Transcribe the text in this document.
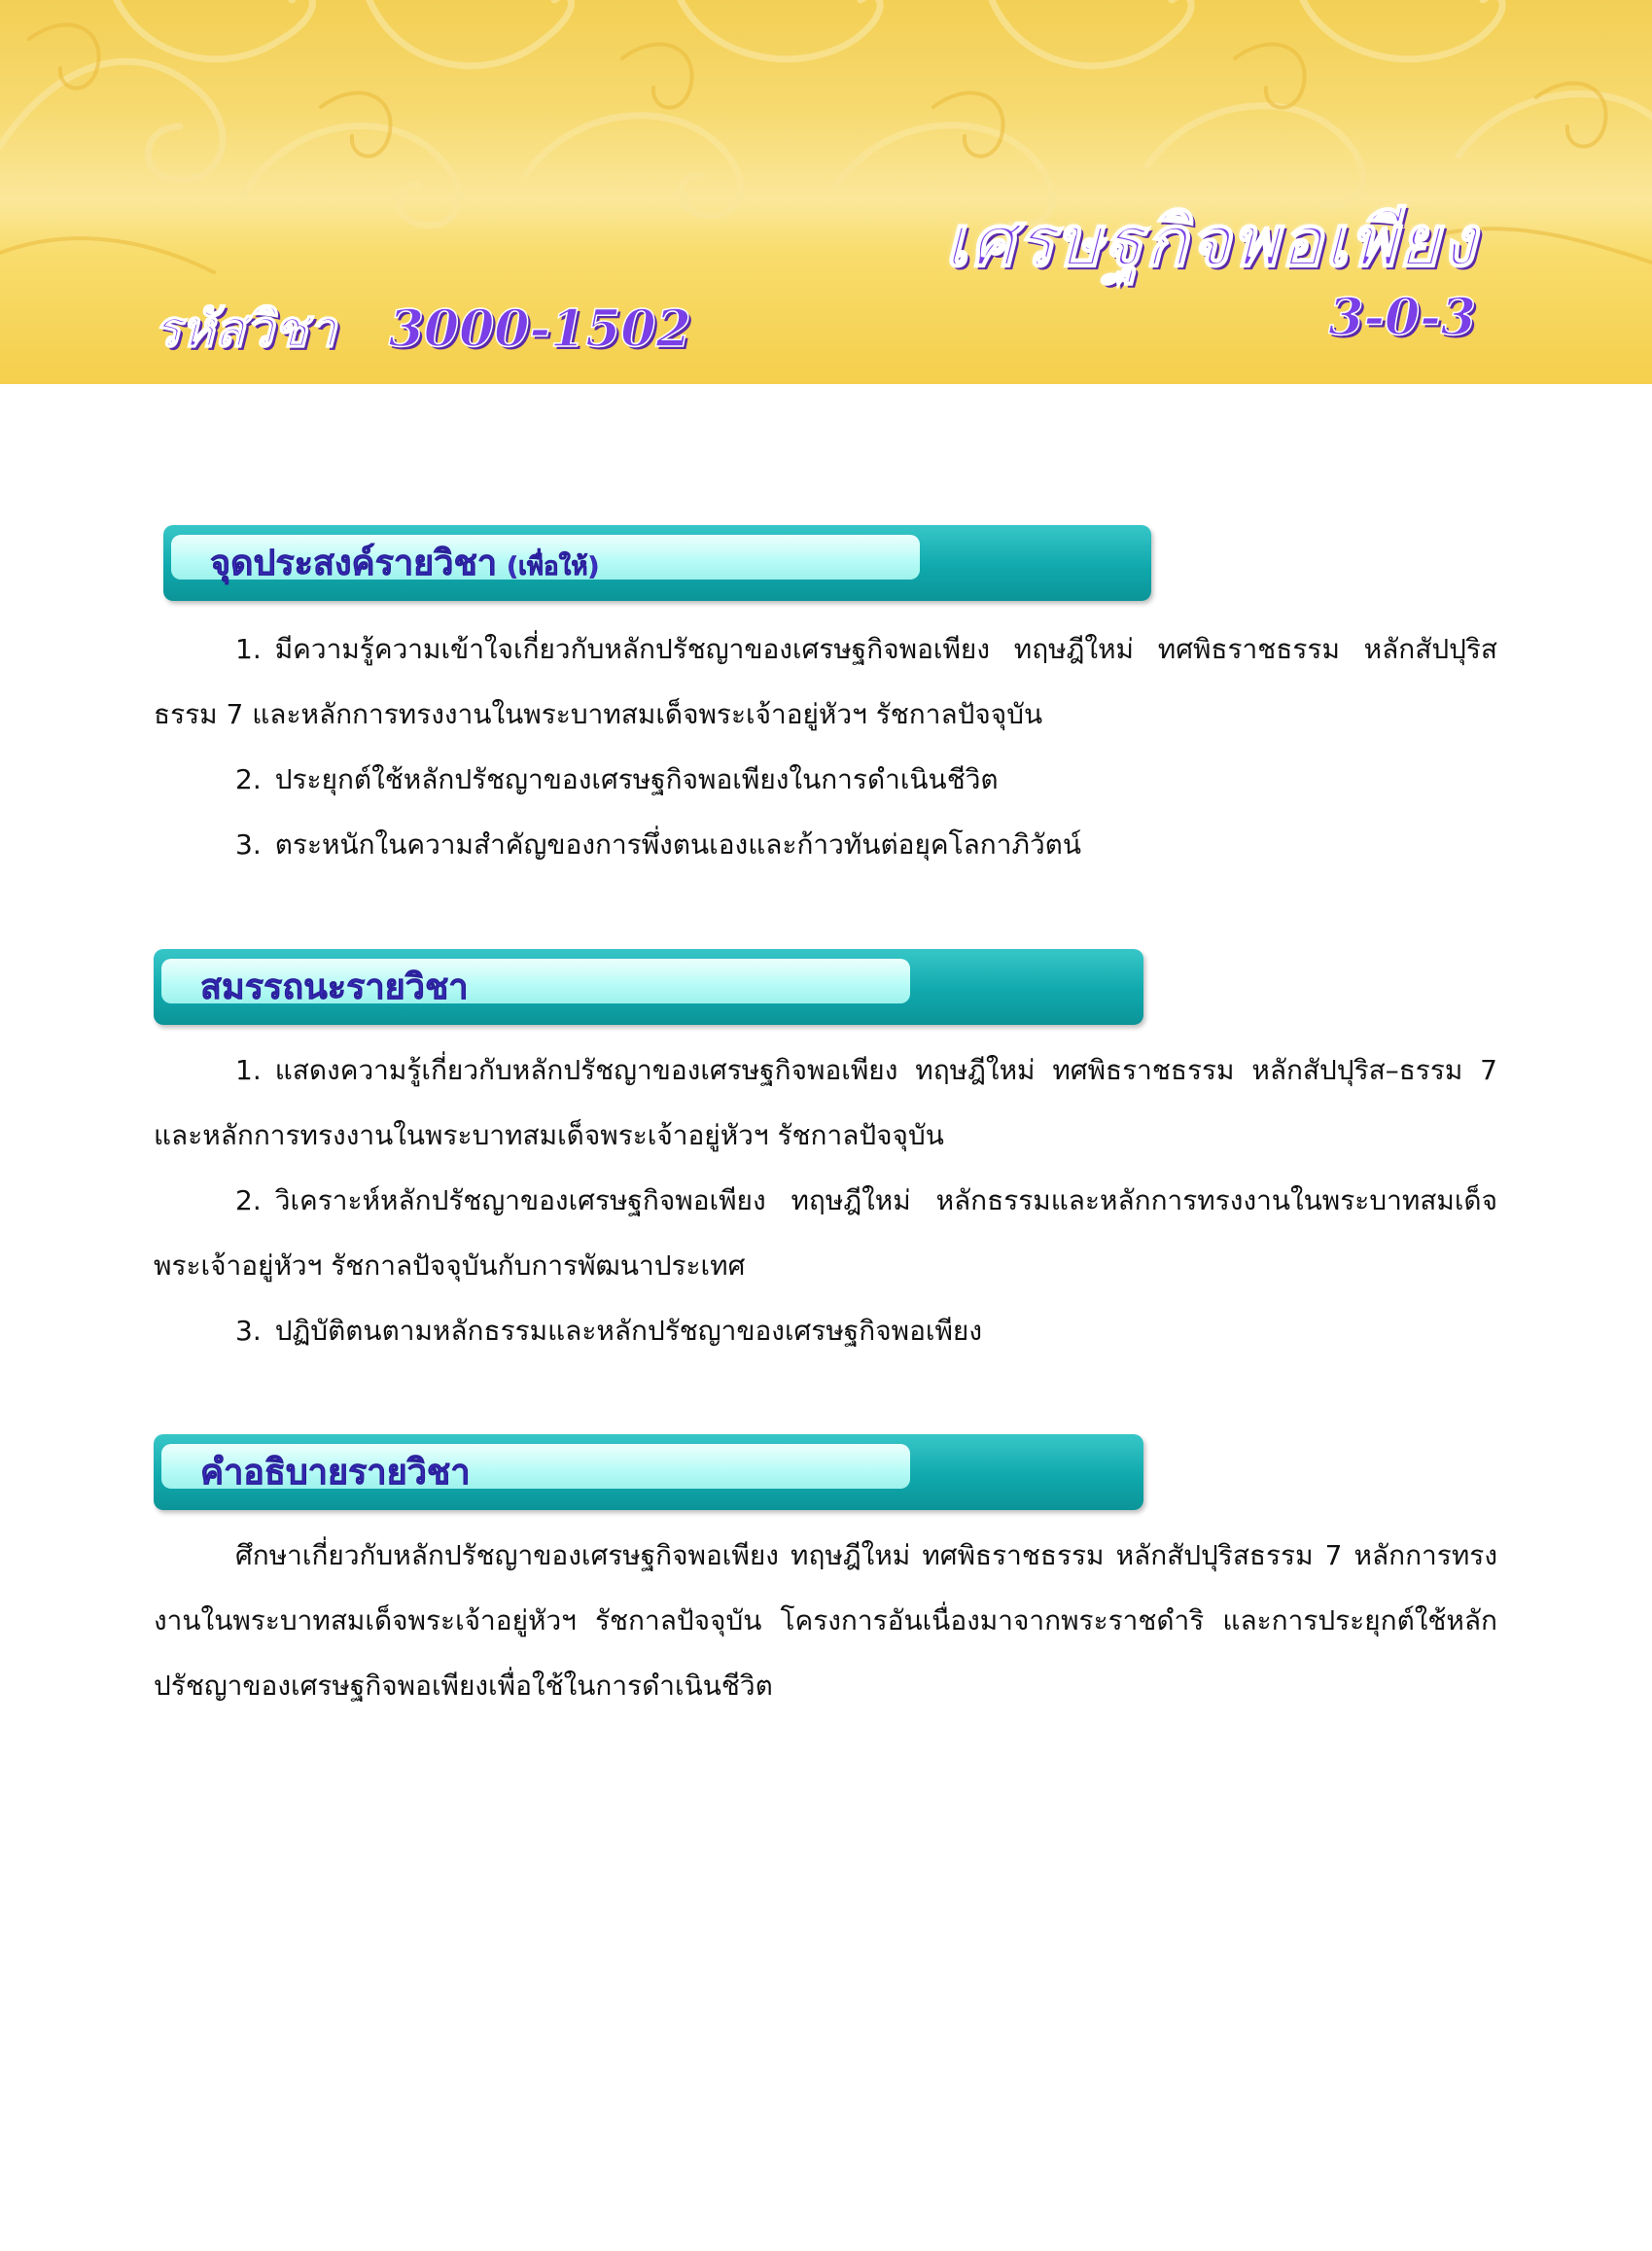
เศรษฐกิจพอเพียง
รหัสวิชา 3000-1502	3-0-3
จุดประสงค์รายวิชา (เพื่อให้)

1. มีความรู้ความเข้าใจเกี่ยวกับหลักปรัชญาของเศรษฐกิจพอเพียง ทฤษฎีใหม่ ทศพิธราชธรรม หลักสัปปุริสธรรม 7 และหลักการทรงงานในพระบาทสมเด็จพระเจ้าอยู่หัวฯ รัชกาลปัจจุบัน

2. ประยุกต์ใช้หลักปรัชญาของเศรษฐกิจพอเพียงในการดำเนินชีวิต

3. ตระหนักในความสำคัญของการพึ่งตนเองและก้าวทันต่อยุคโลกาภิวัตน์

สมรรถนะรายวิชา

1. แสดงความรู้เกี่ยวกับหลักปรัชญาของเศรษฐกิจพอเพียง ทฤษฎีใหม่ ทศพิธราชธรรม หลักสัปปุริส–ธรรม 7 และหลักการทรงงานในพระบาทสมเด็จพระเจ้าอยู่หัวฯ รัชกาลปัจจุบัน

2. วิเคราะห์หลักปรัชญาของเศรษฐกิจพอเพียง ทฤษฎีใหม่ หลักธรรมและหลักการทรงงานในพระบาทสมเด็จพระเจ้าอยู่หัวฯ รัชกาลปัจจุบันกับการพัฒนาประเทศ

3. ปฏิบัติตนตามหลักธรรมและหลักปรัชญาของเศรษฐกิจพอเพียง

คำอธิบายรายวิชา

ศึกษาเกี่ยวกับหลักปรัชญาของเศรษฐกิจพอเพียง ทฤษฎีใหม่ ทศพิธราชธรรม หลักสัปปุริสธรรม 7 หลักการทรงงานในพระบาทสมเด็จพระเจ้าอยู่หัวฯ รัชกาลปัจจุบัน โครงการอันเนื่องมาจากพระราชดำริ และการประยุกต์ใช้หลักปรัชญาของเศรษฐกิจพอเพียงเพื่อใช้ในการดำเนินชีวิต
